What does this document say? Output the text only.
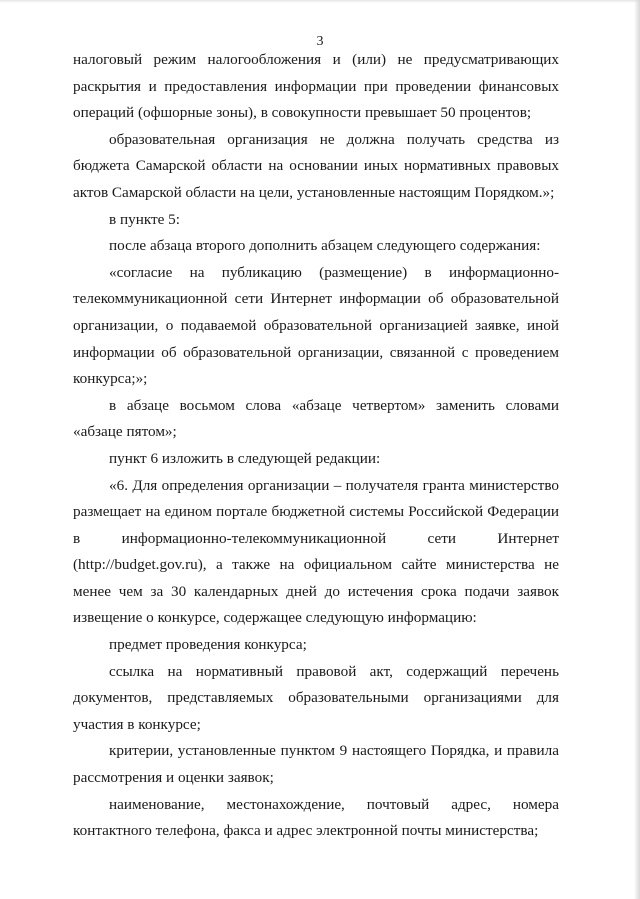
3

налоговый режим налогообложения и (или) не предусматривающих раскрытия и предоставления информации при проведении финансовых операций (офшорные зоны), в совокупности превышает 50 процентов;

образовательная организация не должна получать средства из бюджета Самарской области на основании иных нормативных правовых актов Самарской области на цели, установленные настоящим Порядком.»;

в пункте 5:

после абзаца второго дополнить абзацем следующего содержания:

«согласие на публикацию (размещение) в информационно-телекоммуникационной сети Интернет информации об образовательной организации, о подаваемой образовательной организацией заявке, иной информации об образовательной организации, связанной с проведением конкурса;»;

в абзаце восьмом слова «абзаце четвертом» заменить словами «абзаце пятом»;

пункт 6 изложить в следующей редакции:

«6. Для определения организации – получателя гранта министерство размещает на едином портале бюджетной системы Российской Федерации в информационно-телекоммуникационной сети Интернет (http://budget.gov.ru), а также на официальном сайте министерства не менее чем за 30 календарных дней до истечения срока подачи заявок извещение о конкурсе, содержащее следующую информацию:

предмет проведения конкурса;

ссылка на нормативный правовой акт, содержащий перечень документов, представляемых образовательными организациями для участия в конкурсе;

критерии, установленные пунктом 9 настоящего Порядка, и правила рассмотрения и оценки заявок;

наименование, местонахождение, почтовый адрес, номера контактного телефона, факса и адрес электронной почты министерства;
